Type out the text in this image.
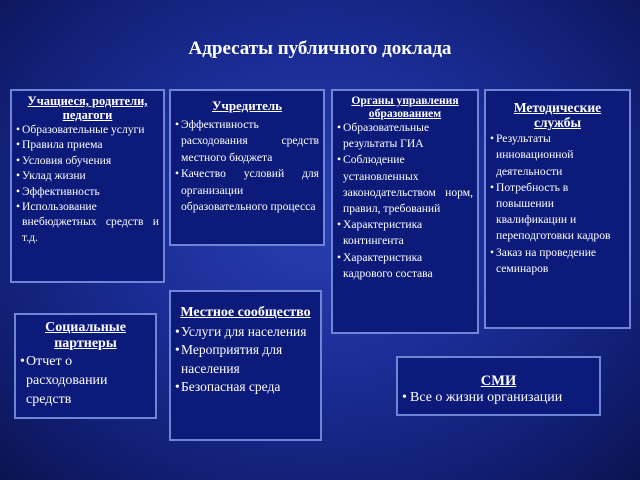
Адресаты публичного доклада
Учащиеся, родители, педагоги
• Образовательные услуги
• Правила приема
• Условия обучения
• Уклад жизни
• Эффективность
• Использование внебюджетных средств и т.д.
Учредитель
• Эффективность расходования средств местного бюджета
• Качество условий для организации образовательного процесса
Органы управления образованием
• Образовательные результаты ГИА
• Соблюдение установленных законодательством норм, правил, требований
• Характеристика контингента
• Характеристика кадрового состава
Методические службы
• Результаты инновационной деятельности
• Потребность в повышении квалификации и переподготовки кадров
• Заказ на проведение семинаров
Социальные партнеры
• Отчет о расходовании средств
Местное сообщество
• Услуги для населения
• Мероприятия для населения
• Безопасная среда	СМИ
• Все о жизни организации
